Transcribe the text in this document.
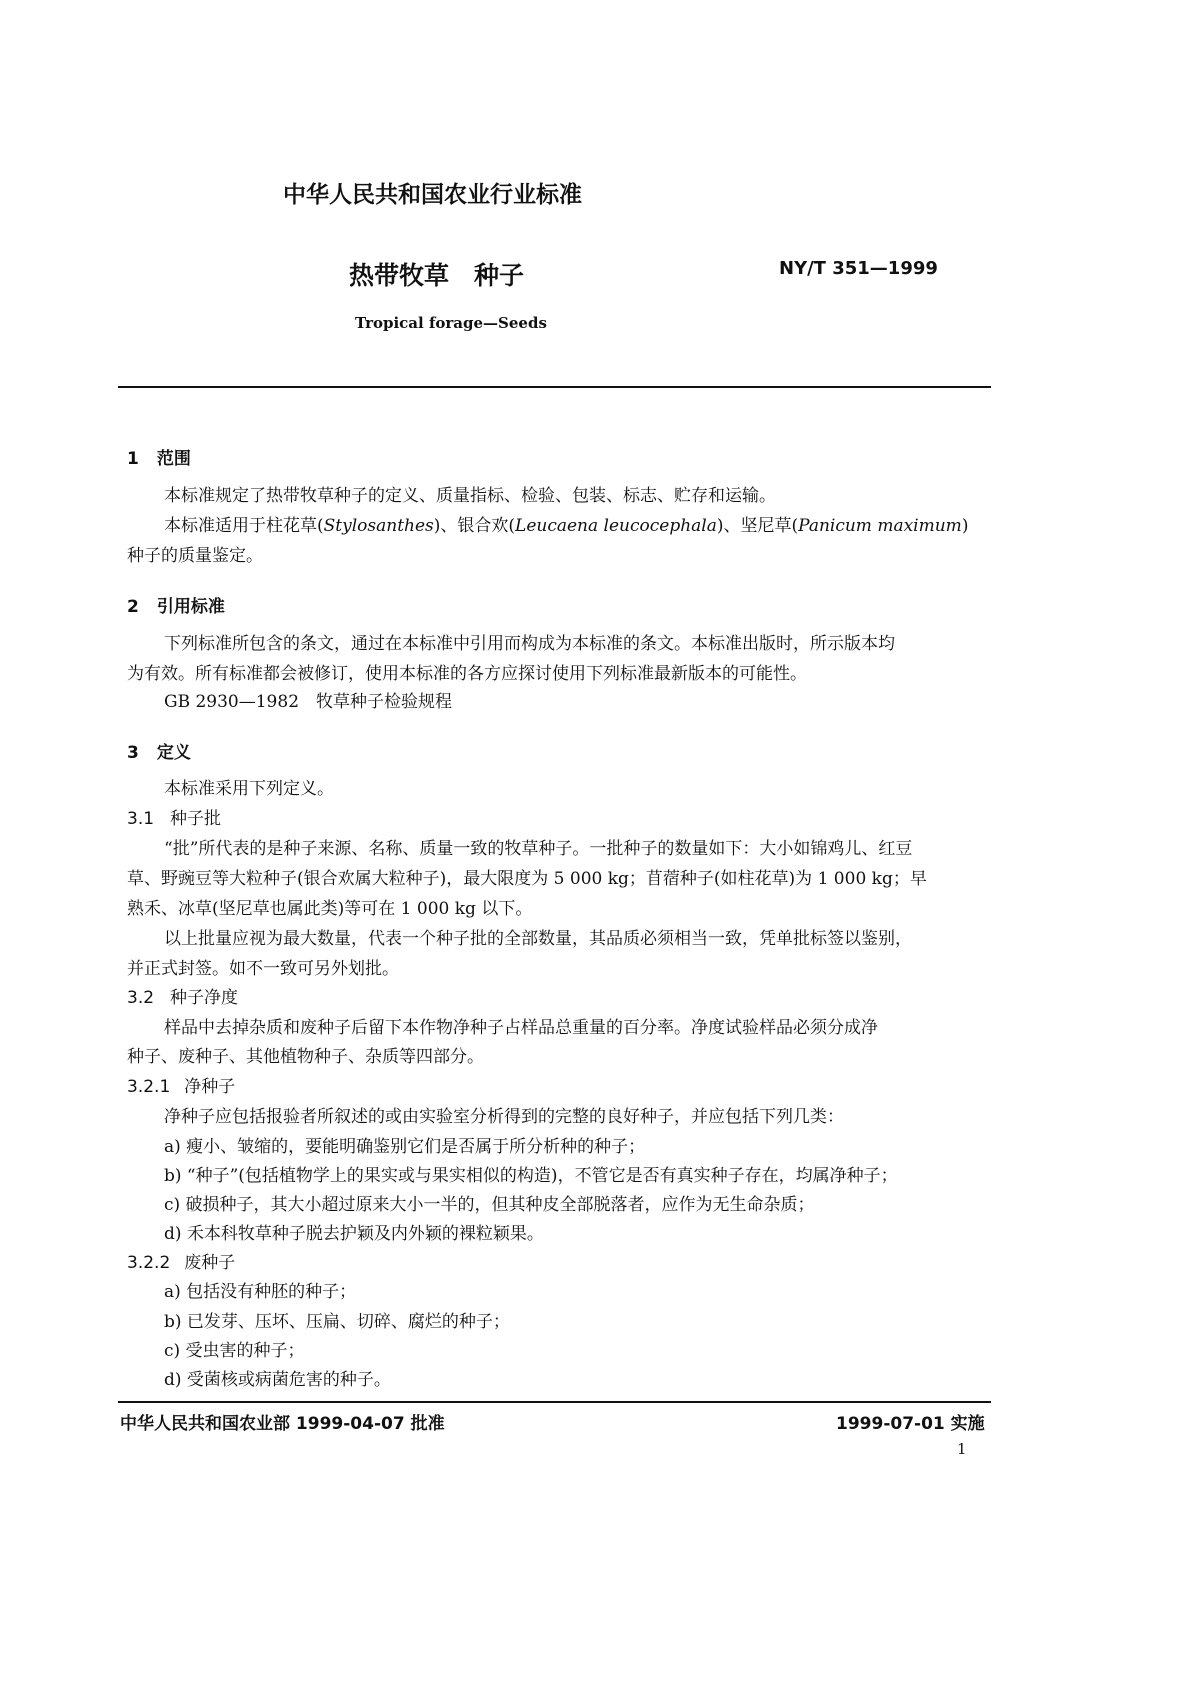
中华人民共和国农业行业标准
热带牧草　种子	NY/T 351—1999
Tropical forage—Seeds
1 范围
本标准规定了热带牧草种子的定义、质量指标、检验、包装、标志、贮存和运输。
本标准适用于柱花草(Stylosanthes)、银合欢(Leucaena leucocephala)、坚尼草(Panicum maximum)
种子的质量鉴定。
2 引用标准
下列标准所包含的条文，通过在本标准中引用而构成为本标准的条文。本标准出版时，所示版本均
为有效。所有标准都会被修订，使用本标准的各方应探讨使用下列标准最新版本的可能性。
GB 2930—1982　牧草种子检验规程
3 定义
本标准采用下列定义。
3.1 种子批
“批”所代表的是种子来源、名称、质量一致的牧草种子。一批种子的数量如下：大小如锦鸡儿、红豆
草、野豌豆等大粒种子(银合欢属大粒种子)，最大限度为 5 000 kg；苜蓿种子(如柱花草)为 1 000 kg；早
熟禾、冰草(坚尼草也属此类)等可在 1 000 kg 以下。
以上批量应视为最大数量，代表一个种子批的全部数量，其品质必须相当一致，凭单批标签以鉴别，
并正式封签。如不一致可另外划批。
3.2 种子净度
样品中去掉杂质和废种子后留下本作物净种子占样品总重量的百分率。净度试验样品必须分成净
种子、废种子、其他植物种子、杂质等四部分。
3.2.1 净种子
净种子应包括报验者所叙述的或由实验室分析得到的完整的良好种子，并应包括下列几类：
a) 瘦小、皱缩的，要能明确鉴别它们是否属于所分析种的种子；
b) “种子”(包括植物学上的果实或与果实相似的构造)，不管它是否有真实种子存在，均属净种子；
c) 破损种子，其大小超过原来大小一半的，但其种皮全部脱落者，应作为无生命杂质；
d) 禾本科牧草种子脱去护颖及内外颖的裸粒颖果。
3.2.2 废种子
a) 包括没有种胚的种子；
b) 已发芽、压坏、压扁、切碎、腐烂的种子；
c) 受虫害的种子；
d) 受菌核或病菌危害的种子。
中华人民共和国农业部 1999-04-07 批准	1999-07-01 实施
1
